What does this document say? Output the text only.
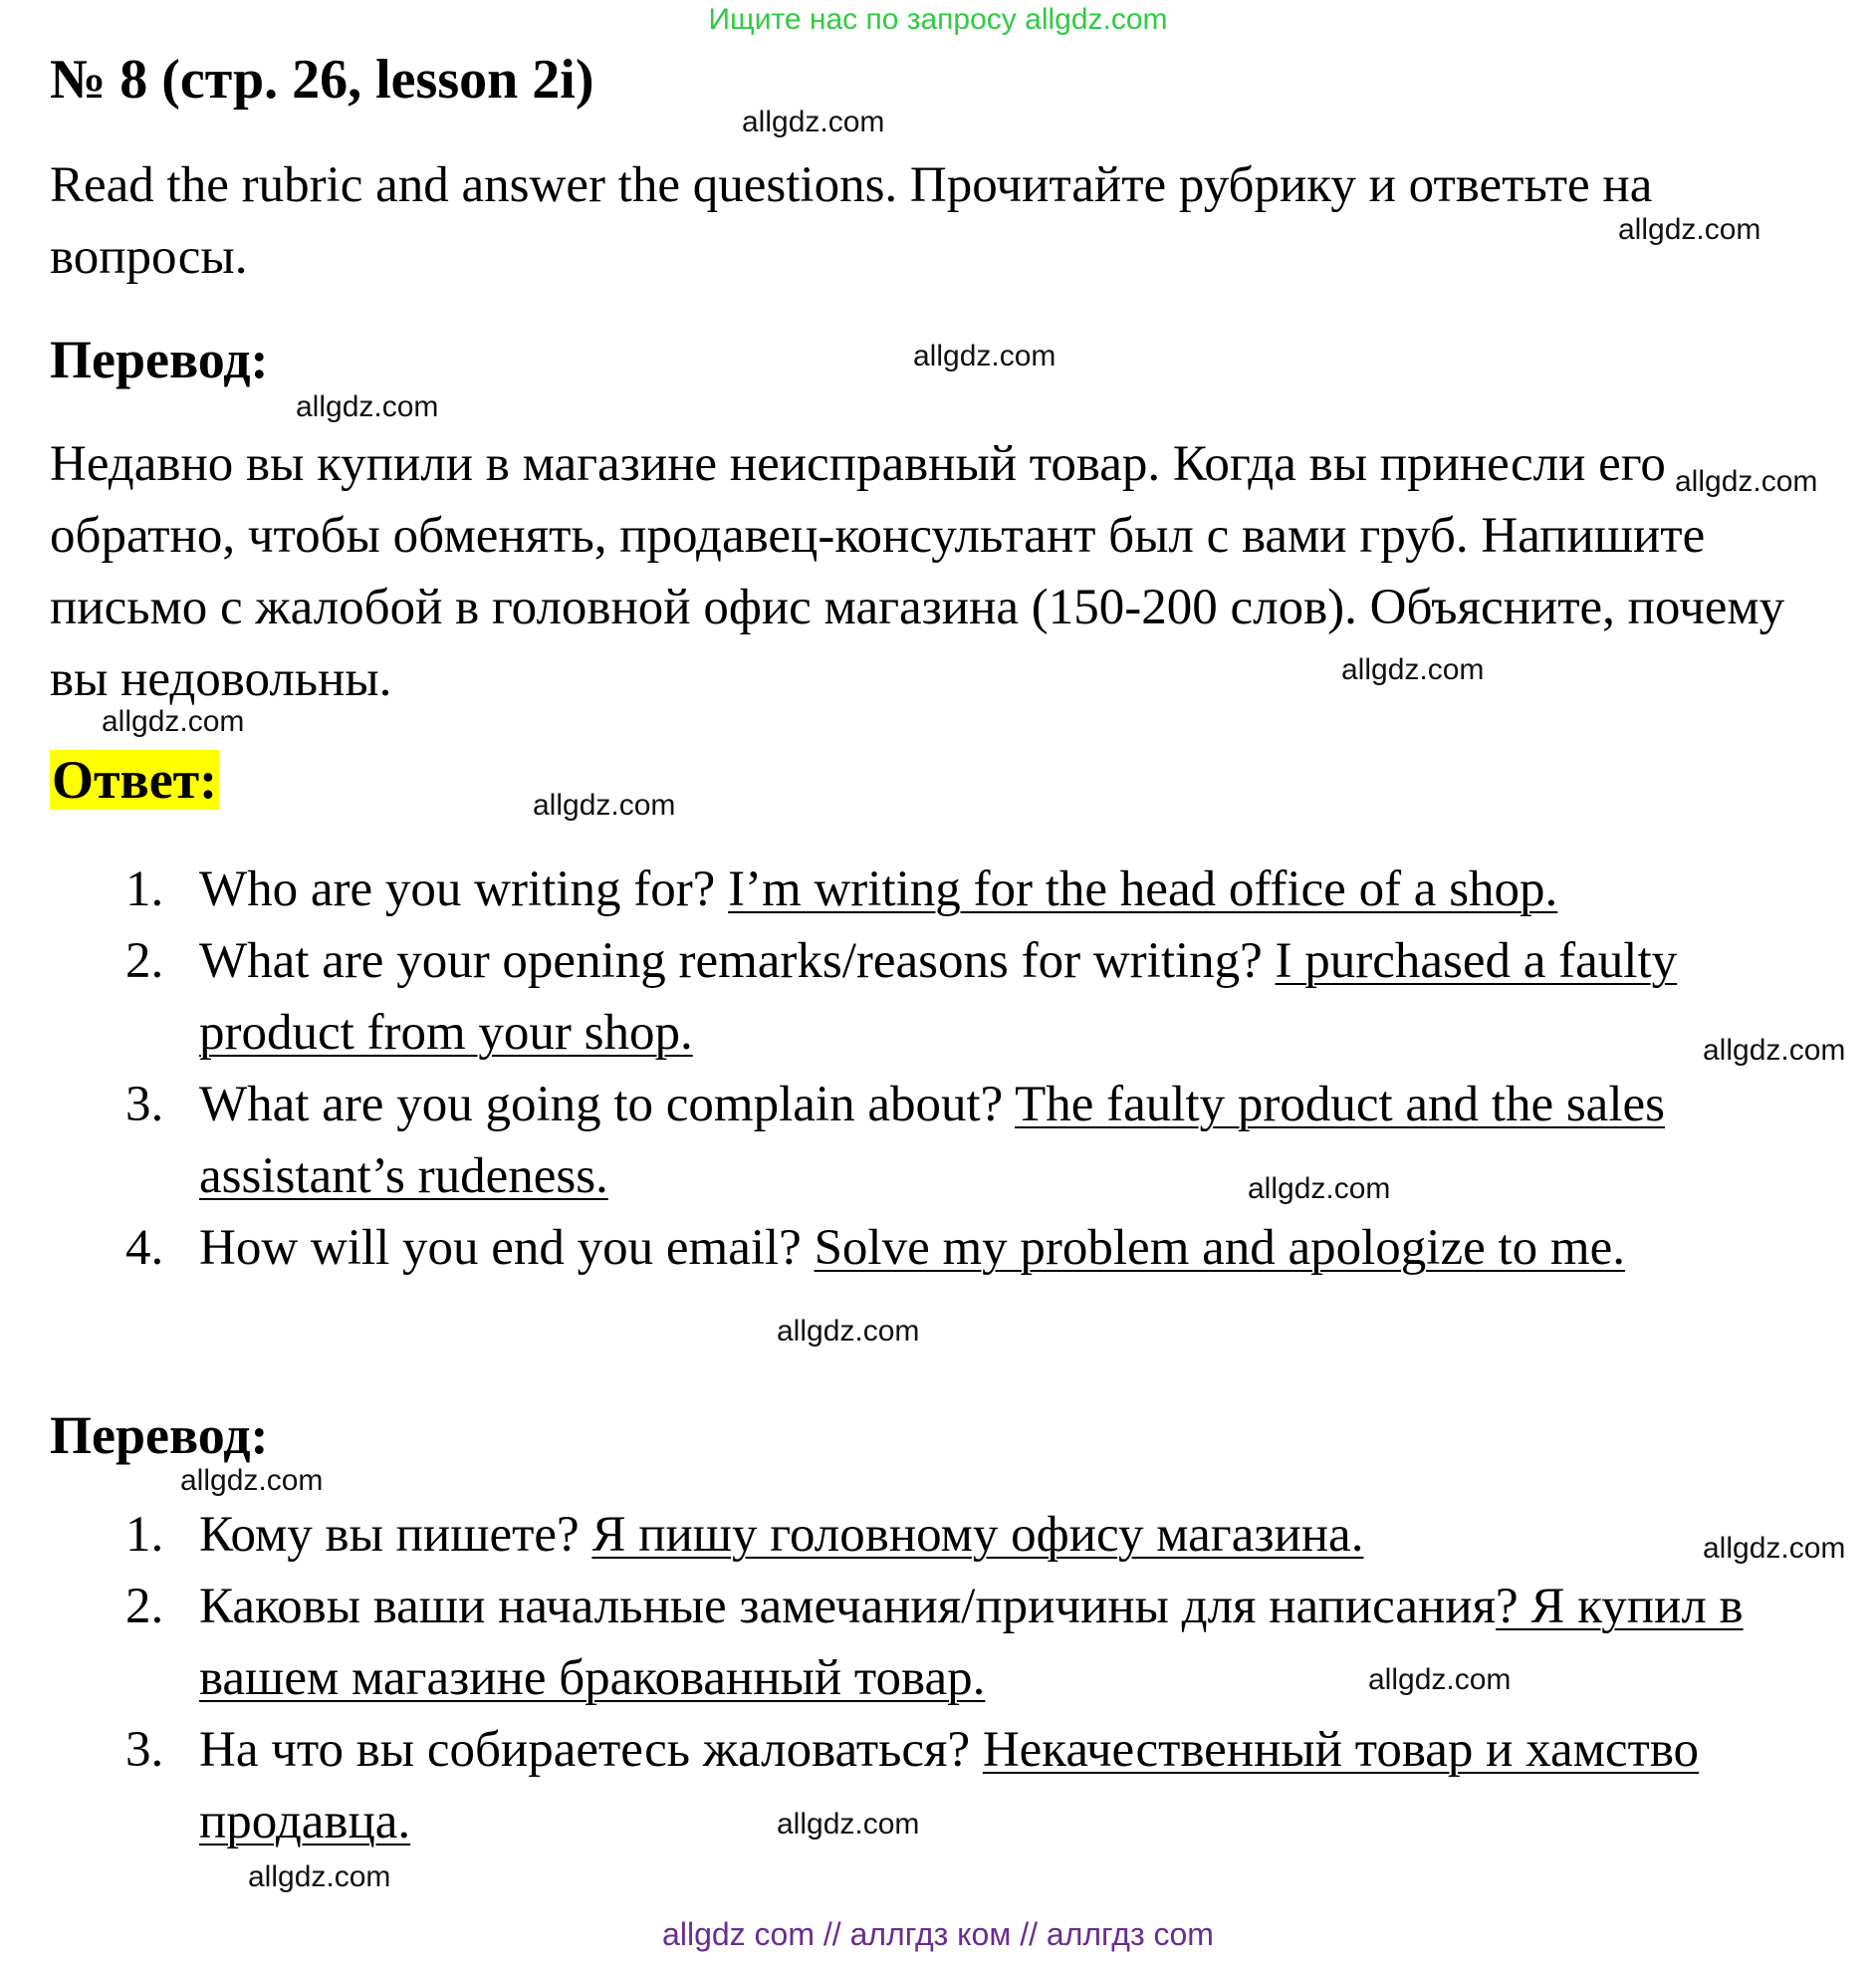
Ищите нас по запросу allgdz.com
№ 8 (стр. 26, lesson 2i)

Read the rubric and answer the questions. Прочитайте рубрику и ответьте на вопросы.

Перевод:

Недавно вы купили в магазине неисправный товар. Когда вы принесли его обратно, чтобы обменять, продавец-консультант был с вами груб. Напишите письмо с жалобой в головной офис магазина (150-200 слов). Объясните, почему вы недовольны.

Ответ:
1. Who are you writing for? I’m writing for the head office of a shop.
2. What are your opening remarks/reasons for writing? I purchased a faulty product from your shop.
3. What are you going to complain about? The faulty product and the sales assistant’s rudeness.
4. How will you end you email? Solve my problem and apologize to me.
Перевод:
1. Кому вы пишете? Я пишу головному офису магазина.
2. Каковы ваши начальные замечания/причины для написания? Я купил в вашем магазине бракованный товар.
3. На что вы собираетесь жаловаться? Некачественный товар и хамство продавца.
allgdz.com
allgdz.com
allgdz.com
allgdz.com
allgdz.com
allgdz.com
allgdz.com
allgdz.com
allgdz.com
allgdz.com
allgdz.com
allgdz.com
allgdz.com
allgdz.com
allgdz.com
allgdz.com
allgdz com // аллгдз ком // аллгдз com
